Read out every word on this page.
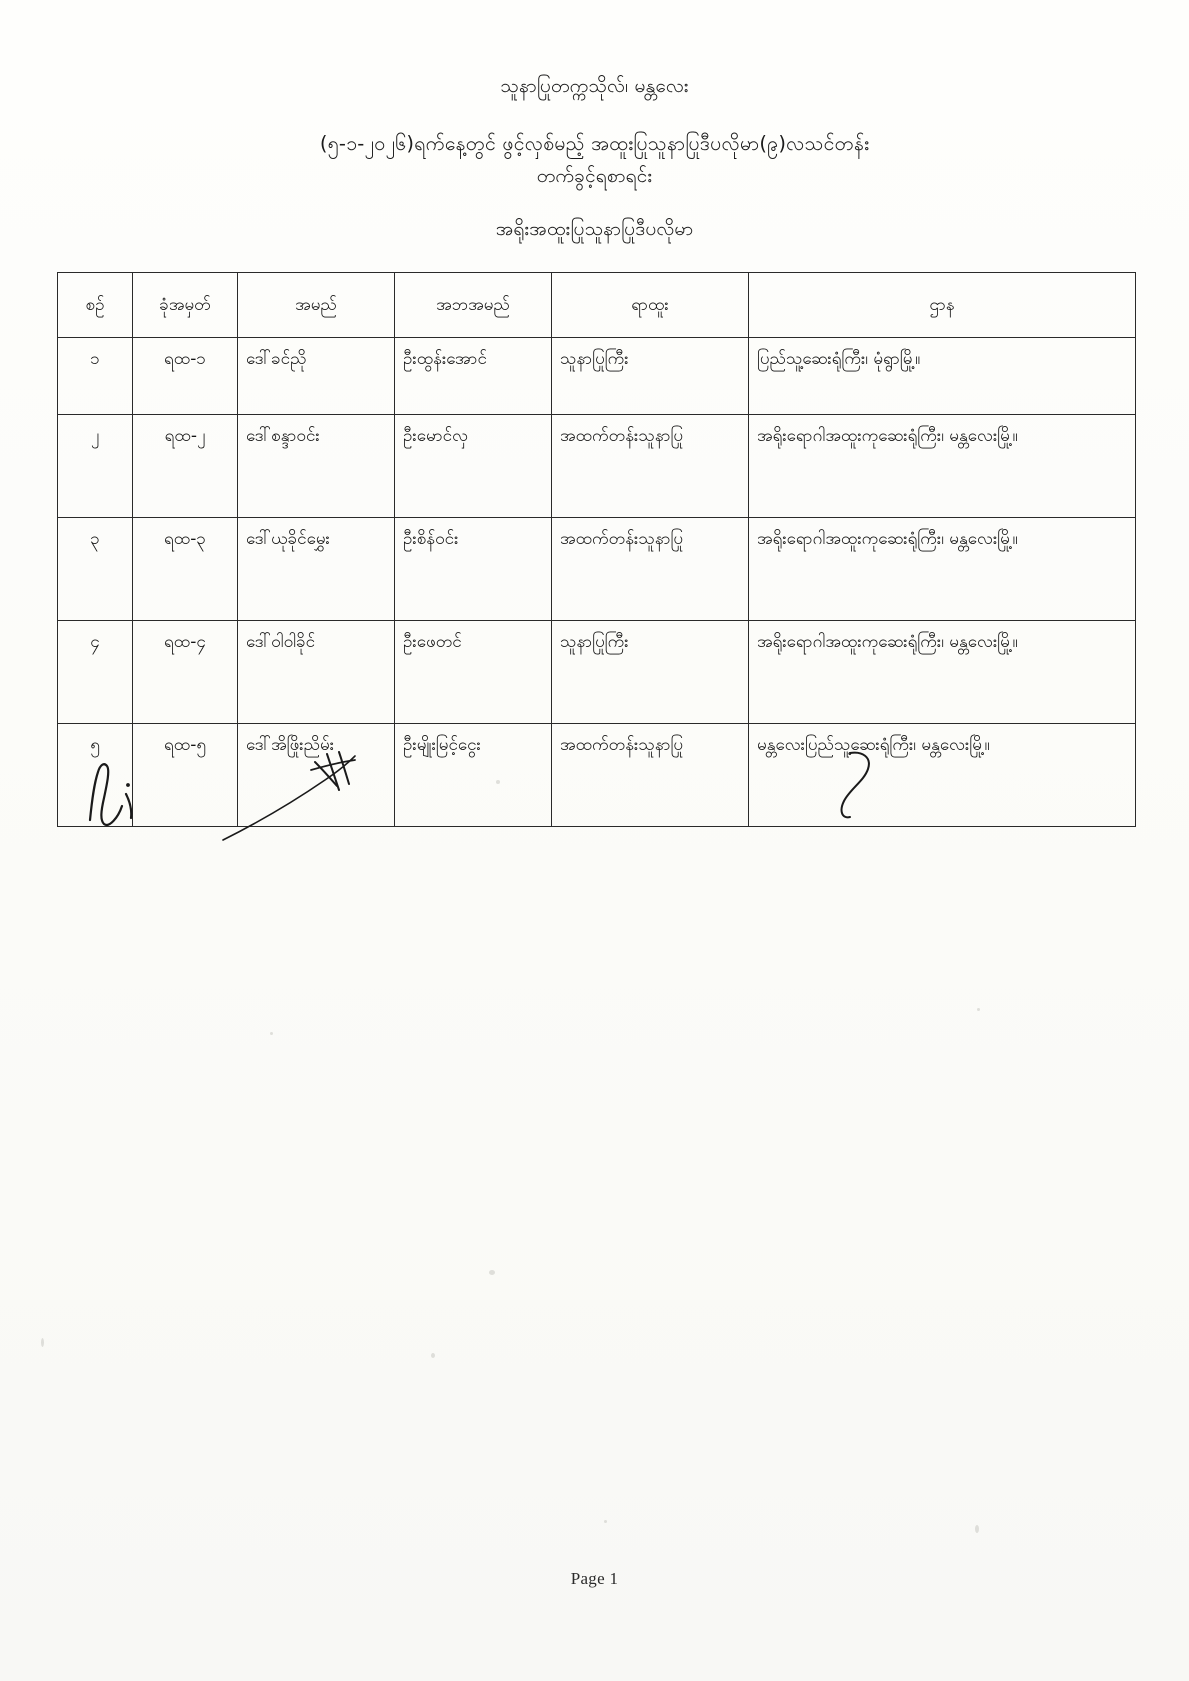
သူနာပြုတက္ကသိုလ်၊ မန္တလေး
(၅-၁-၂၀၂၆)ရက်နေ့တွင် ဖွင့်လှစ်မည့် အထူးပြုသူနာပြုဒီပလိုမာ(၉)လသင်တန်း
တက်ခွင့်ရစာရင်း
အရိုးအထူးပြုသူနာပြုဒီပလိုမာ
စဉ်	ခုံအမှတ်	အမည်	အဘအမည်	ရာထူး	ဌာန
၁	ရထ-၁	ဒေါ်ခင်ညို	ဦးထွန်းအောင်	သူနာပြုကြီး	ပြည်သူ့ဆေးရုံကြီး၊ မုံရွာမြို့။
၂	ရထ-၂	ဒေါ်စန္ဒာဝင်း	ဦးမောင်လှ	အထက်တန်းသူနာပြု	အရိုးရောဂါအထူးကုဆေးရုံကြီး၊ မန္တလေးမြို့။
၃	ရထ-၃	ဒေါ်ယုခိုင်မွှေး	ဦးစိန်ဝင်း	အထက်တန်းသူနာပြု	အရိုးရောဂါအထူးကုဆေးရုံကြီး၊ မန္တလေးမြို့။
၄	ရထ-၄	ဒေါ်ဝါဝါခိုင်	ဦးဖေတင်	သူနာပြုကြီး	အရိုးရောဂါအထူးကုဆေးရုံကြီး၊ မန္တလေးမြို့။
၅	ရထ-၅	ဒေါ်အိဖြိုးညိမ်း	ဦးမျိုးမြင့်ငွေး	အထက်တန်းသူနာပြု	မန္တလေးပြည်သူ့ဆေးရုံကြီး၊ မန္တလေးမြို့။
Page 1
